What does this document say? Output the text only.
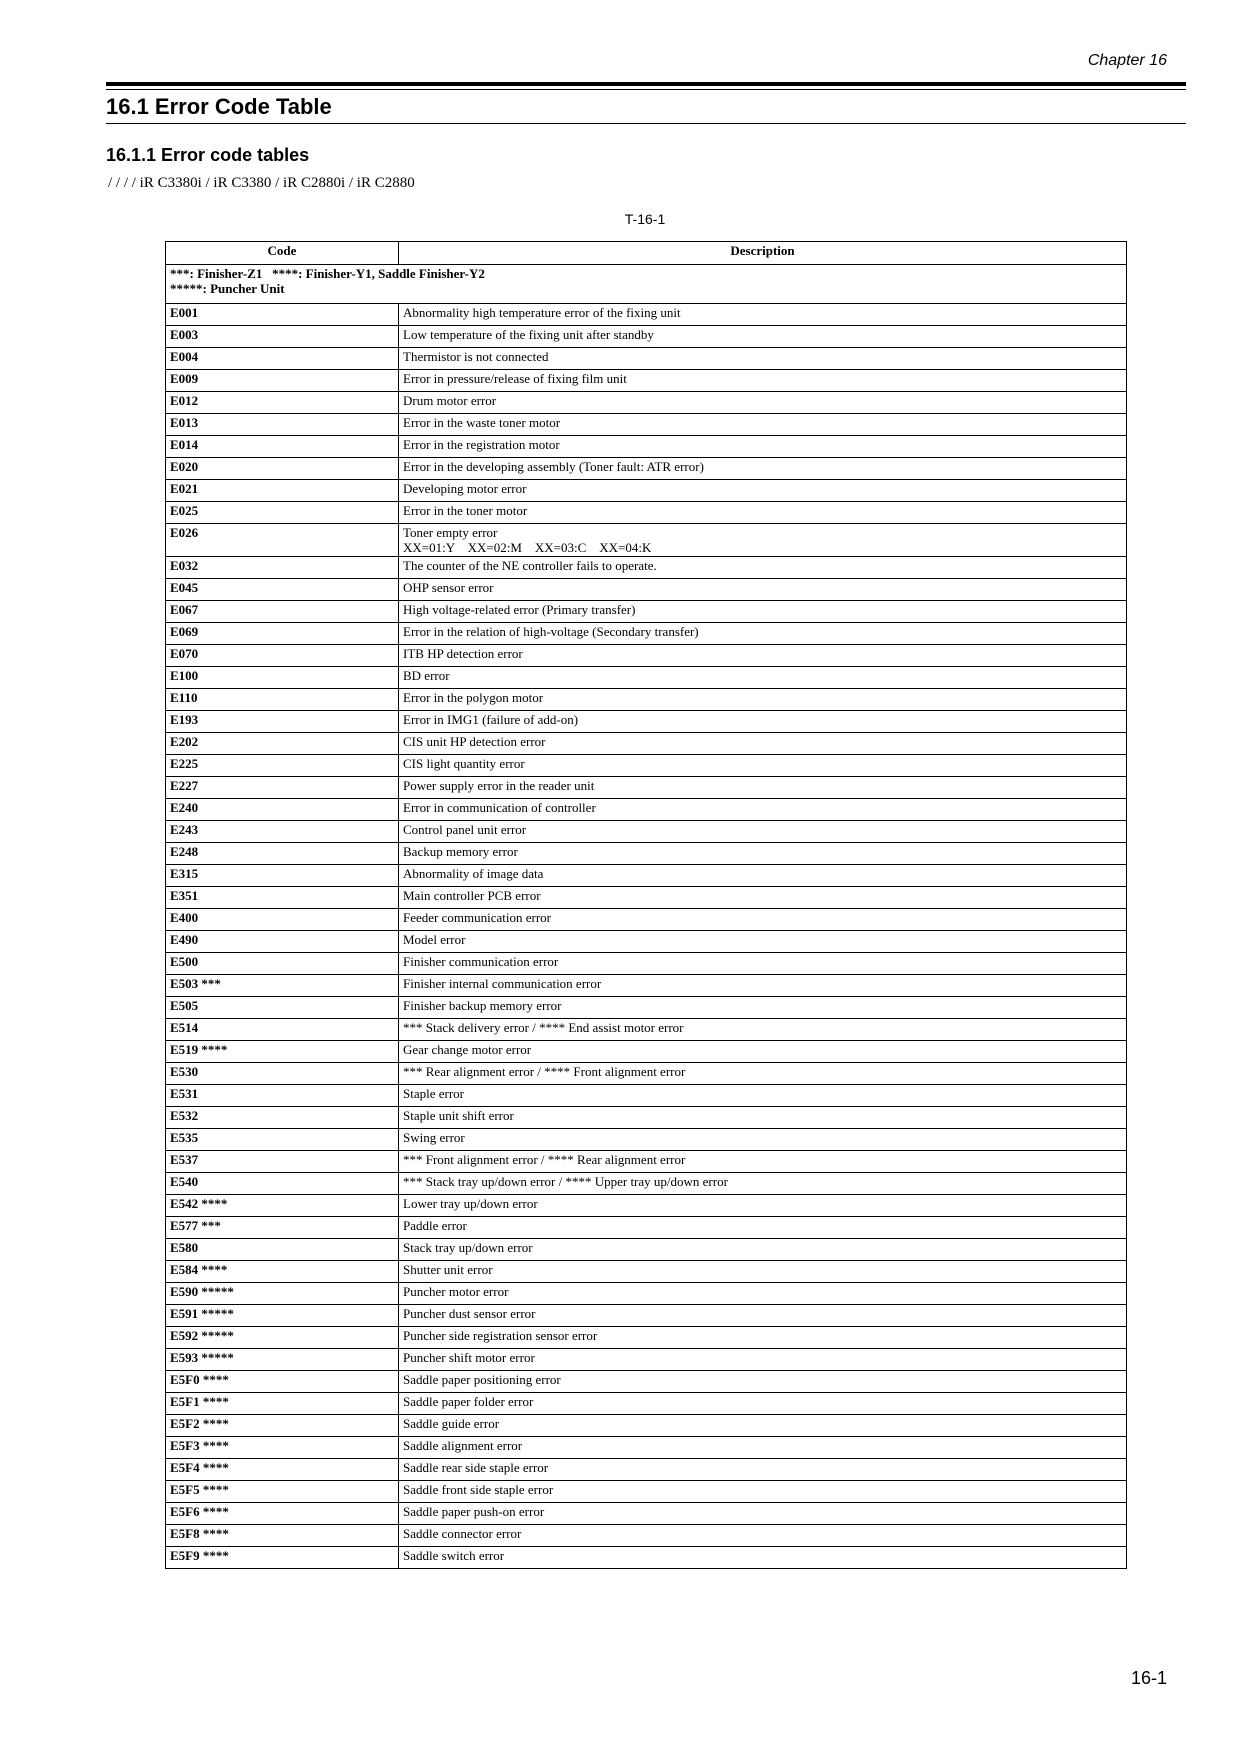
Chapter 16
16.1 Error Code Table
16.1.1 Error code tables
/ / / / iR C3380i / iR C3380 / iR C2880i / iR C2880
T-16-1
Code	Description

***: Finisher-Z1   ****: Finisher-Y1, Saddle Finisher-Y2
*****: Puncher Unit	

E001	Abnormality high temperature error of the fixing unit
E003	Low temperature of the fixing unit after standby
E004	Thermistor is not connected
E009	Error in pressure/release of fixing film unit
E012	Drum motor error
E013	Error in the waste toner motor
E014	Error in the registration motor
E020	Error in the developing assembly (Toner fault: ATR error)
E021	Developing motor error
E025	Error in the toner motor
E026	Toner empty error
XX=01:Y    XX=02:M    XX=03:C    XX=04:K

E032	The counter of the NE controller fails to operate.
E045	OHP sensor error
E067	High voltage-related error (Primary transfer)
E069	Error in the relation of high-voltage (Secondary transfer)
E070	ITB HP detection error
E100	BD error
E110	Error in the polygon motor
E193	Error in IMG1 (failure of add-on)
E202	CIS unit HP detection error
E225	CIS light quantity error
E227	Power supply error in the reader unit
E240	Error in communication of controller
E243	Control panel unit error
E248	Backup memory error
E315	Abnormality of image data
E351	Main controller PCB error
E400	Feeder communication error
E490	Model error
E500	Finisher communication error
E503 ***	Finisher internal communication error
E505	Finisher backup memory error
E514	*** Stack delivery error / **** End assist motor error
E519 ****	Gear change motor error
E530	*** Rear alignment error / **** Front alignment error
E531	Staple error
E532	Staple unit shift error
E535	Swing error
E537	*** Front alignment error / **** Rear alignment error
E540	*** Stack tray up/down error / **** Upper tray up/down error
E542 ****	Lower tray up/down error
E577 ***	Paddle error
E580	Stack tray up/down error
E584 ****	Shutter unit error
E590 *****	Puncher motor error
E591 *****	Puncher dust sensor error
E592 *****	Puncher side registration sensor error
E593 *****	Puncher shift motor error
E5F0 ****	Saddle paper positioning error
E5F1 ****	Saddle paper folder error
E5F2 ****	Saddle guide error
E5F3 ****	Saddle alignment error
E5F4 ****	Saddle rear side staple error
E5F5 ****	Saddle front side staple error
E5F6 ****	Saddle paper push-on error
E5F8 ****	Saddle connector error
E5F9 ****	Saddle switch error
16-1
